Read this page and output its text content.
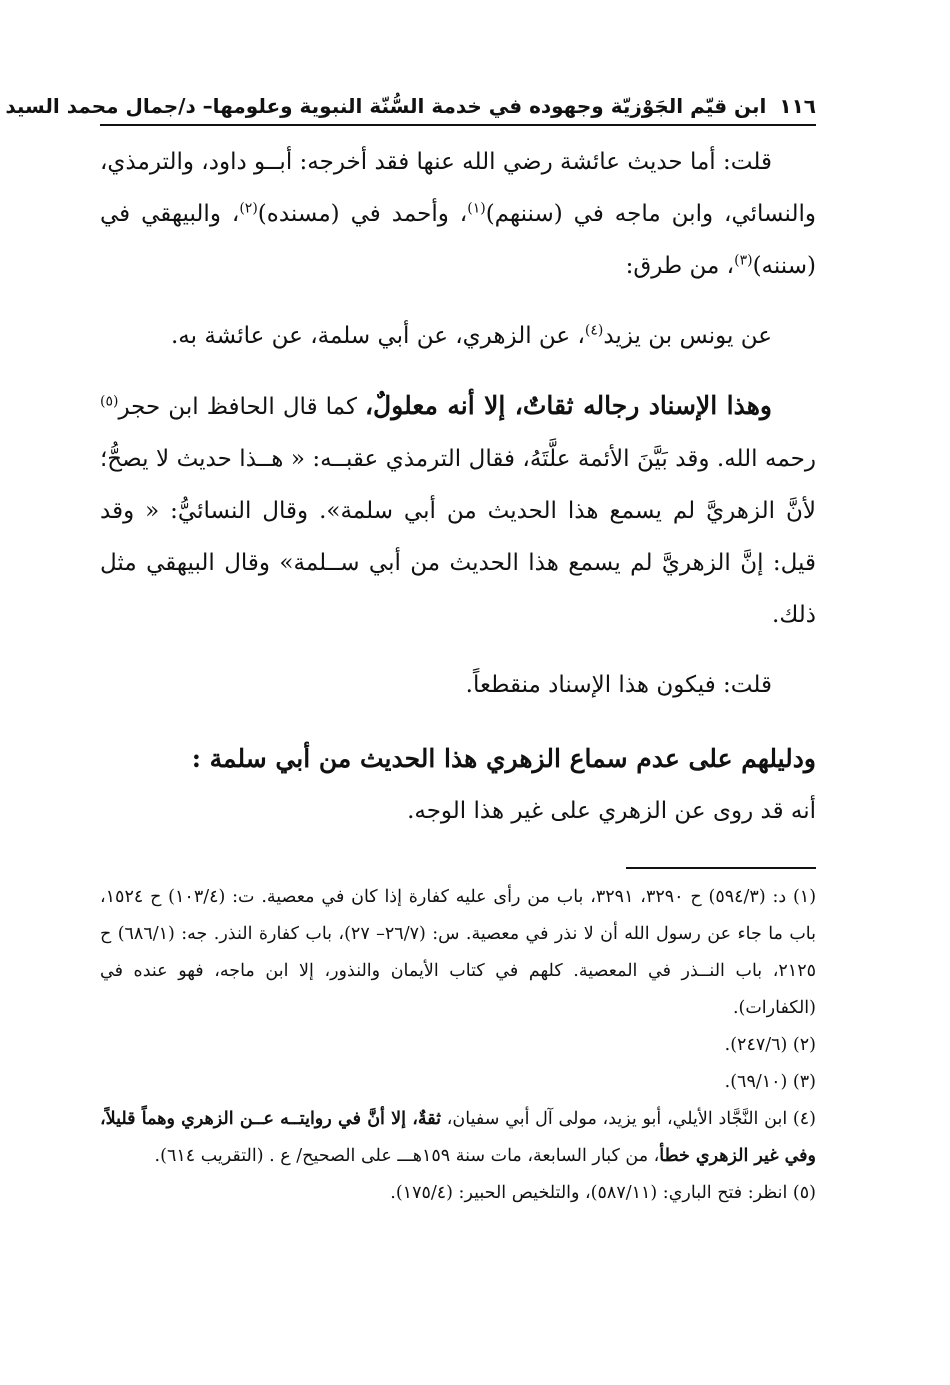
١١٦ ابن قيّم الجَوْزيّة وجهوده في خدمة السُّنّة النبوية وعلومها– د/جمال محمد السيد

قلت: أما حديث عائشة رضي الله عنها فقد أخرجه: أبــو داود، والترمذي، والنسائي، وابن ماجه في (سننهم)$^{(١)}$، وأحمد في (مسنده)$^{(٢)}$، والبيهقي في (سننه)$^{(٣)}$، من طرق:

عن يونس بن يزيد$^{(٤)}$، عن الزهري، عن أبي سلمة، عن عائشة به.

وهذا الإسناد رجاله ثقاتٌ، إلا أنه معلولٌ، كما قال الحافظ ابن حجر$^{(٥)}$ رحمه الله. وقد بَيَّنَ الأئمة علَّتَهُ، فقال الترمذي عقبــه: « هــذا حديث لا يصحُّ؛ لأنَّ الزهريَّ لم يسمع هذا الحديث من أبي سلمة». وقال النسائيُّ: « وقد قيل: إنَّ الزهريَّ لم يسمع هذا الحديث من أبي ســلمة» وقال البيهقي مثل ذلك.

قلت: فيكون هذا الإسناد منقطعاً.

ودليلهم على عدم سماع الزهري هذا الحديث من أبي سلمة :

أنه قد روى عن الزهري على غير هذا الوجه.

(١) د: (٥٩٤/٣) ح ٣٢٩٠، ٣٢٩١، باب من رأى عليه كفارة إذا كان في معصية. ت: (١٠٣/٤) ح ١٥٢٤، باب ما جاء عن رسول الله أن لا نذر في معصية. س: (٢٦/٧– ٢٧)، باب كفارة النذر. جه: (٦٨٦/١) ح ٢١٢٥، باب النــذر في المعصية. كلهم في كتاب الأيمان والنذور، إلا ابن ماجه، فهو عنده في (الكفارات).

(٢) (٢٤٧/٦).

(٣) (٦٩/١٠).

(٤) ابن النَّجَّاد الأيلي، أبو يزيد، مولى آل أبي سفيان، ثقةٌ، إلا أنَّ في روايتــه عــن الزهري وهماً قليلاً، وفي غير الزهري خطأ، من كبار السابعة، مات سنة ١٥٩هـــ على الصحيح/ ع . (التقريب ٦١٤).

(٥) انظر: فتح الباري: (٥٨٧/١١)، والتلخيص الحبير: (١٧٥/٤).
